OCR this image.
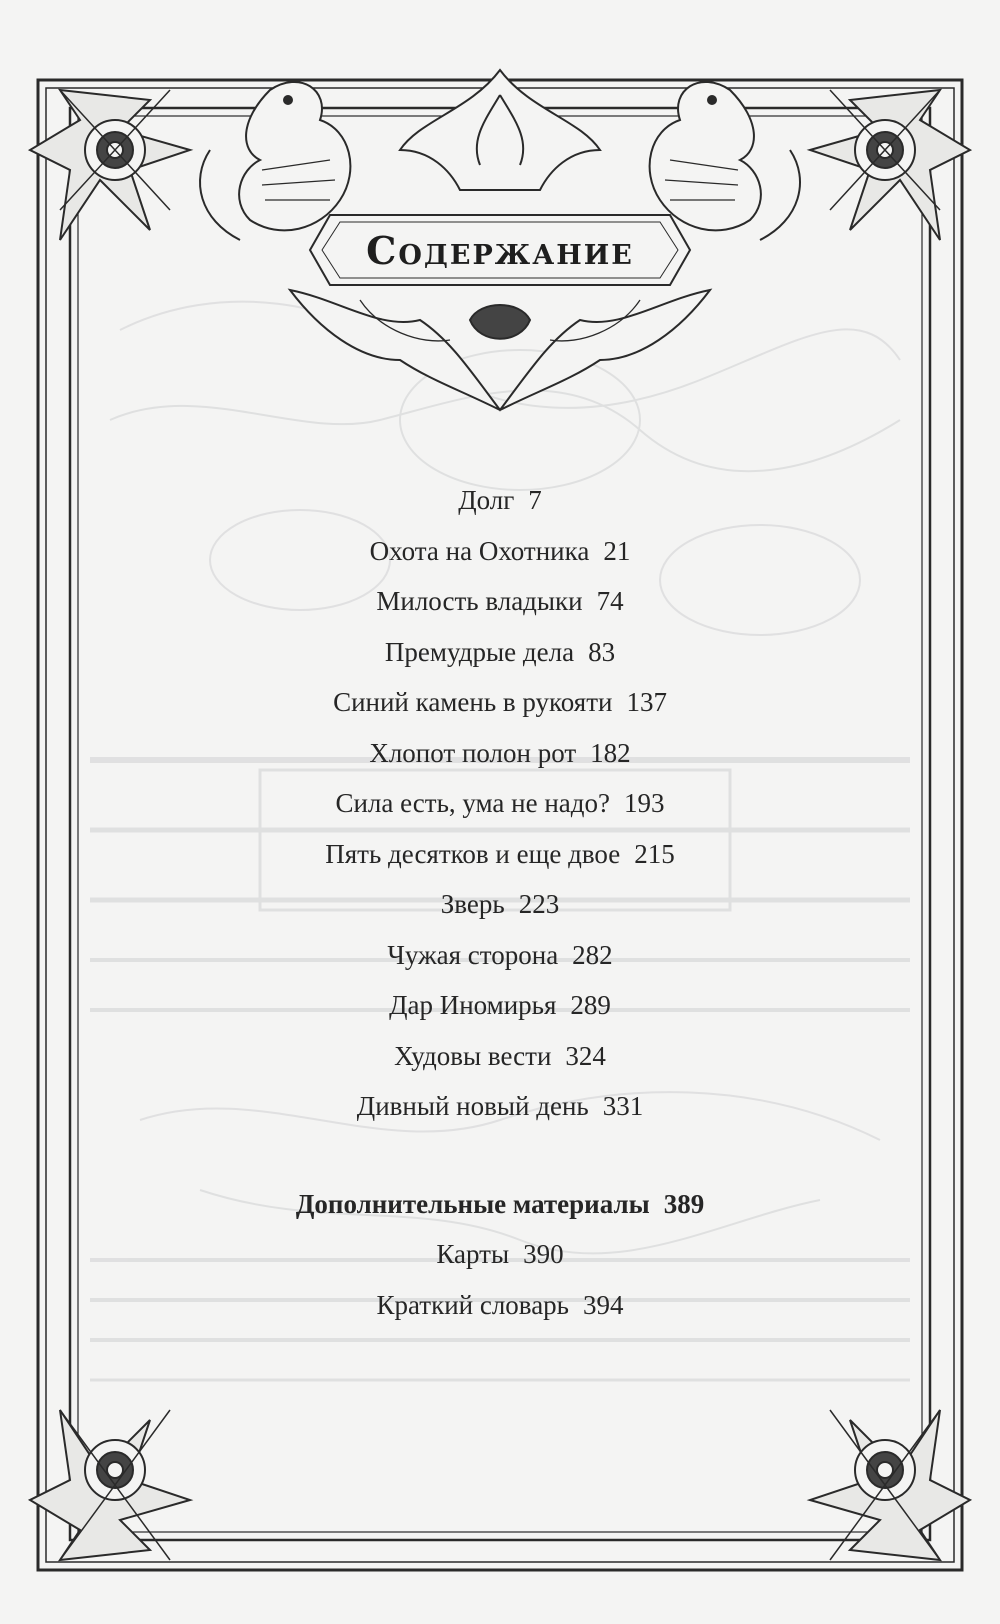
Содержание
Долг 7
Охота на Охотника 21
Милость владыки 74
Премудрые дела 83
Синий камень в рукояти 137
Хлопот полон рот 182
Сила есть, ума не надо? 193
Пять десятков и еще двое 215
Зверь 223
Чужая сторона 282
Дар Иномирья 289
Худовы вести 324
Дивный новый день 331
Дополнительные материалы 389
Карты 390
Краткий словарь 394
